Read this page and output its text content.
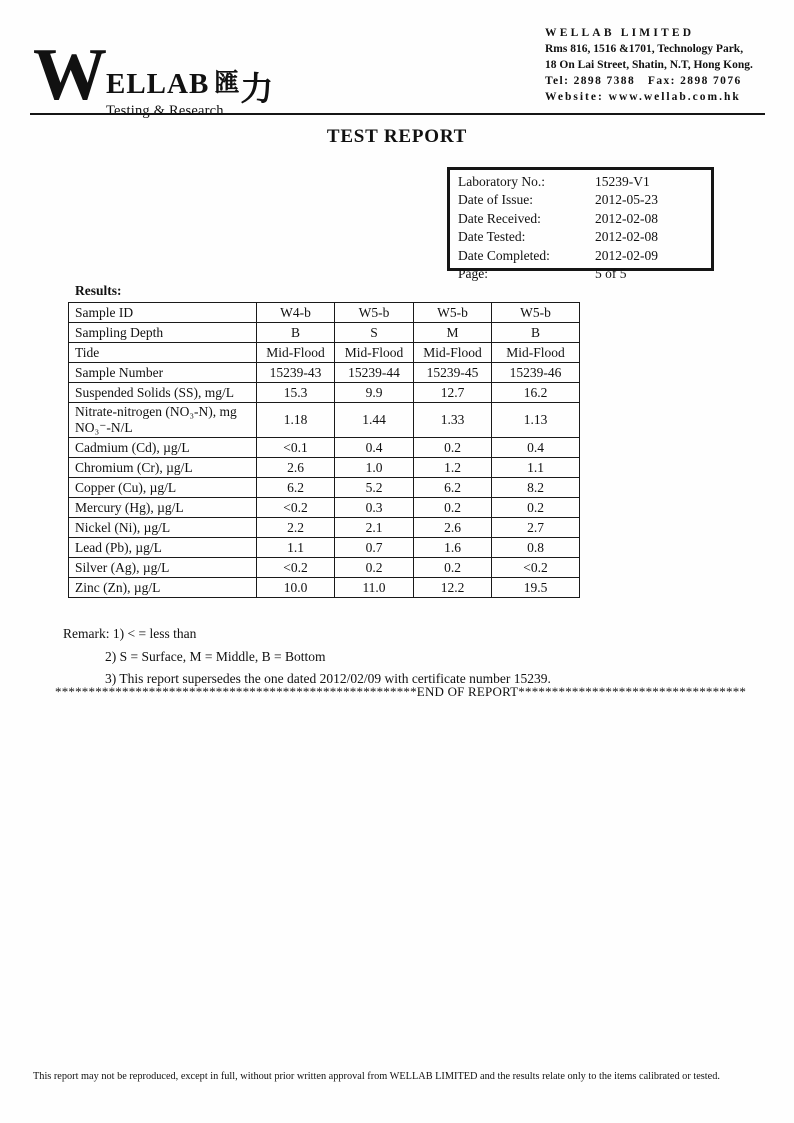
W ELLAB 匯力
Testing & Research
WELLAB LIMITED
Rms 816, 1516 &1701, Technology Park,
18 On Lai Street, Shatin, N.T, Hong Kong.
Tel: 2898 7388   Fax: 2898 7076
Website: www.wellab.com.hk
TEST REPORT
Laboratory No.:	15239-V1
Date of Issue:	2012-05-23
Date Received:	2012-02-08
Date Tested:	2012-02-08
Date Completed:	2012-02-09
Page:	5 of 5
Results:
Sample ID	W4-b	W5-b	W5-b	W5-b
Sampling Depth	B	S	M	B
Tide	Mid-Flood	Mid-Flood	Mid-Flood	Mid-Flood
Sample Number	15239-43	15239-44	15239-45	15239-46
Suspended Solids (SS), mg/L	15.3	9.9	12.7	16.2
Nitrate-nitrogen (NO₃-N), mg NO₃⁻-N/L	1.18	1.44	1.33	1.13
Cadmium (Cd), µg/L	<0.1	0.4	0.2	0.4
Chromium (Cr), µg/L	2.6	1.0	1.2	1.1
Copper (Cu), µg/L	6.2	5.2	6.2	8.2
Mercury (Hg), µg/L	<0.2	0.3	0.2	0.2
Nickel (Ni), µg/L	2.2	2.1	2.6	2.7
Lead (Pb), µg/L	1.1	0.7	1.6	0.8
Silver (Ag), µg/L	<0.2	0.2	0.2	<0.2
Zinc (Zn), µg/L	10.0	11.0	12.2	19.5
Remark: 1) < = less than
2) S = Surface, M = Middle, B = Bottom
3) This report supersedes the one dated 2012/02/09 with certificate number 15239.
******************************************************END OF REPORT**********************************
This report may not be reproduced, except in full, without prior written approval from WELLAB LIMITED and the results relate only to the items calibrated or tested.
